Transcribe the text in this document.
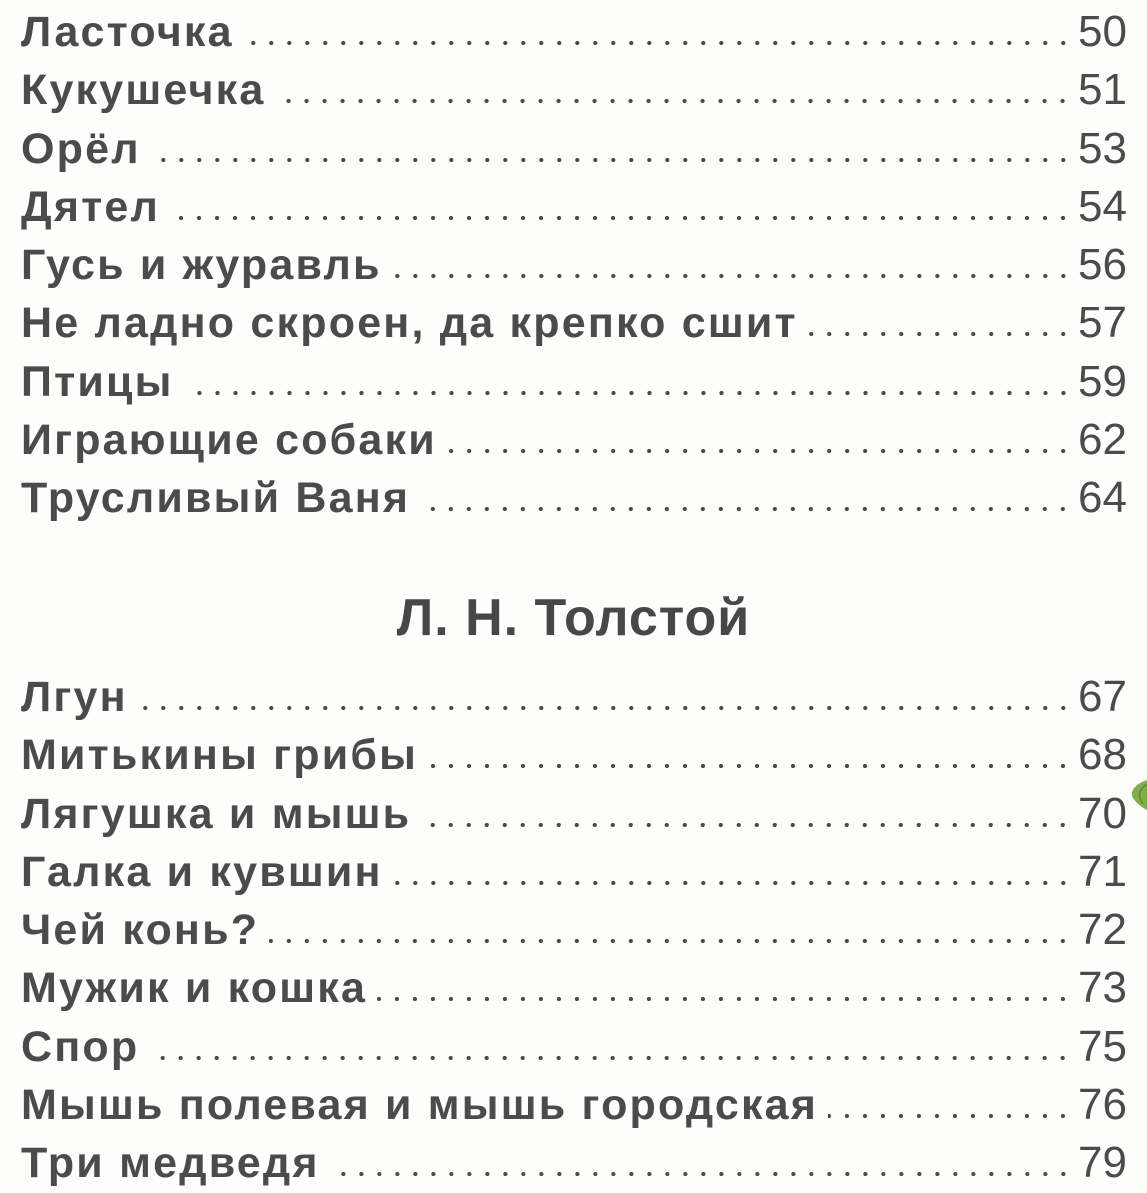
Ласточка	50
Кукушечка	51
Орёл	53
Дятел	54
Гусь и журавль	56
Не ладно скроен, да крепко сшит	57
Птицы	59
Играющие собаки	62
Трусливый Ваня	64
Л. Н. Толстой
Лгун	67
Митькины грибы	68
Лягушка и мышь	70
Галка и кувшин	71
Чей конь?	72
Мужик и кошка	73
Спор	75
Мышь полевая и мышь городская	76
Три медведя	79
